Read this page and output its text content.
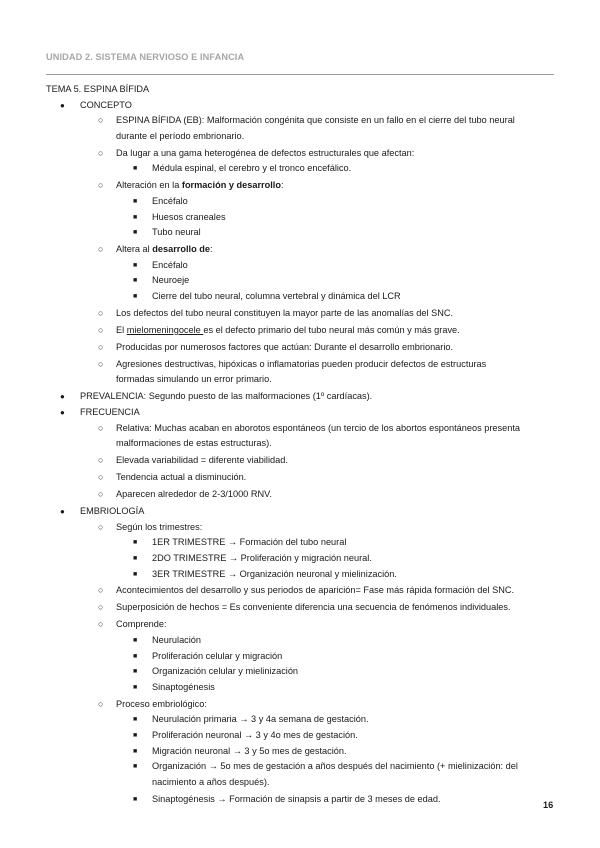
UNIDAD 2. SISTEMA NERVIOSO E INFANCIA

TEMA 5. ESPINA BÍFIDA

● CONCEPTO

○ ESPINA BÍFIDA (EB): Malformación congénita que consiste en un fallo en el cierre del tubo neural

durante el período embrionario.

○ Da lugar a una gama heterogénea de defectos estructurales que afectan:

■ Médula espinal, el cerebro y el tronco encefálico.

○ Alteración en la formación y desarrollo:

■ Encéfalo

■ Huesos craneales

■ Tubo neural

○ Altera al desarrollo de:

■ Encéfalo

■ Neuroeje

■ Cierre del tubo neural, columna vertebral y dinámica del LCR

○ Los defectos del tubo neural constituyen la mayor parte de las anomalías del SNC.

○ El mielomeningocele es el defecto primario del tubo neural más común y más grave.

○ Producidas por numerosos factores que actúan: Durante el desarrollo embrionario.

○ Agresiones destructivas, hipóxicas o inflamatorias pueden producir defectos de estructuras

formadas simulando un error primario.

● PREVALENCIA: Segundo puesto de las malformaciones (1º cardíacas).

● FRECUENCIA

○ Relativa: Muchas acaban en aborotos espontáneos (un tercio de los abortos espontáneos presenta

malformaciones de estas estructuras).

○ Elevada variabilidad = diferente viabilidad.

○ Tendencia actual a disminución.

○ Aparecen alrededor de 2-3/1000 RNV.

● EMBRIOLOGÍA

○ Según los trimestres:

■ 1ER TRIMESTRE → Formación del tubo neural

■ 2DO TRIMESTRE → Proliferación y migración neural.

■ 3ER TRIMESTRE → Organización neuronal y mielinización.

○ Acontecimientos del desarrollo y sus periodos de aparición= Fase más rápida formación del SNC.

○ Superposición de hechos = Es conveniente diferencia una secuencia de fenómenos individuales.

○ Comprende:

■ Neurulación

■ Proliferación celular y migración

■ Organización celular y mielinización

■ Sinaptogénesis

○ Proceso embriológico:

■ Neurulación primaria → 3 y 4a semana de gestación.

■ Proliferación neuronal → 3 y 4o mes de gestación.

■ Migración neuronal → 3 y 5o mes de gestación.

■ Organización → 5o mes de gestación a años después del nacimiento (+ mielinización: del

nacimiento a años después).

■ Sinaptogénesis → Formación de sinapsis a partir de 3 meses de edad.

16
